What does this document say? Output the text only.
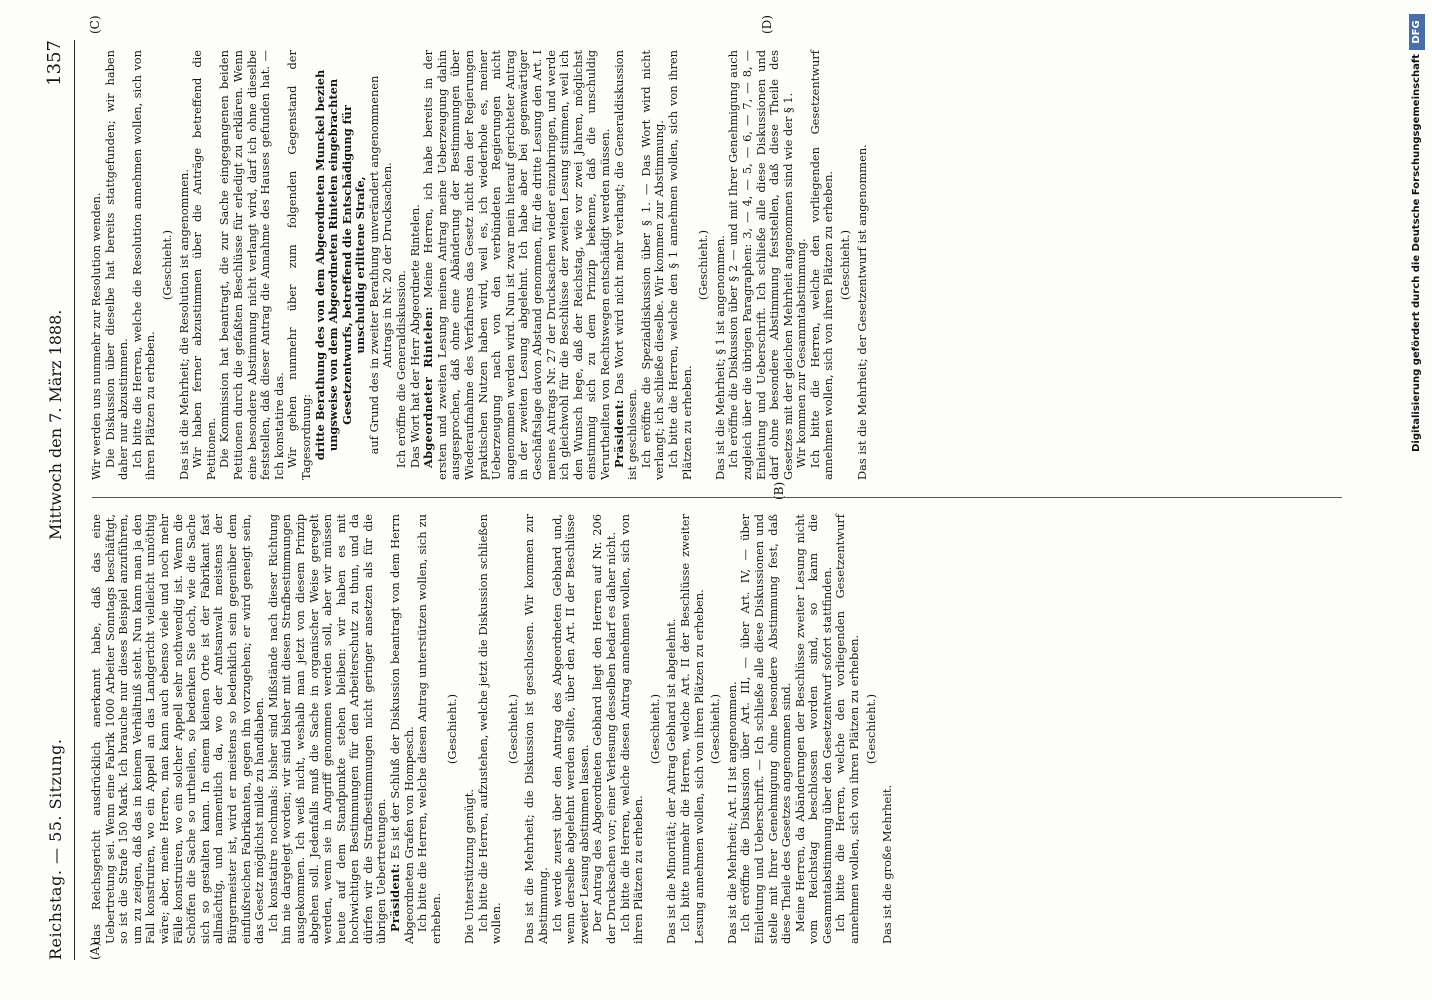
Reichstag. — 55. Sitzung.
Mittwoch den 7. März 1888.
1357
(A)
(B)
(C)	(D)

das Reichsgericht ausdrücklich anerkannt habe, daß das eine Uebertretung sei. Wenn eine Fabrik 1000 Arbeiter Sonntags beschäftigt, so ist die Strafe 150 Mark. Ich brauche nur dieses Beispiel anzuführen, um zu zeigen, daß das in keinem Verhältniß steht. Nun kann man ja den Fall konstruiren, wo ein Appell an das Landgericht vielleicht unnöthig wäre; aber, meine Herren, man kann auch ebenso viele und noch mehr Fälle konstruiren, wo ein solcher Appell sehr nothwendig ist. Wenn die Schöffen die Sache so urtheilen, so bedenken Sie doch, wie die Sache sich so gestalten kann. In einem kleinen Orte ist der Fabrikant fast allmächtig, und namentlich da, wo der Amtsanwalt meistens der Bürgermeister ist, wird er meistens so bedenklich sein gegenüber dem einflußreichen Fabrikanten, gegen ihn vorzugehen; er wird geneigt sein, das Gesetz möglichst milde zu handhaben. Ich konstatire nochmals: bisher sind Mißstände nach dieser Richtung hin nie dargelegt worden; wir sind bisher mit diesen Strafbestimmungen ausgekommen. Ich weiß nicht, weshalb man jetzt von diesem Prinzip abgehen soll. Jedenfalls muß die Sache in organischer Weise geregelt werden, wenn sie in Angriff genommen werden soll, aber wir müssen heute auf dem Standpunkte stehen bleiben: wir haben es mit hochwichtigen Bestimmungen für den Arbeiterschutz zu thun, und da dürfen wir die Strafbestimmungen nicht geringer ansetzen als für die übrigen Uebertretungen. Präsident: Es ist der Schluß der Diskussion beantragt von dem Herrn Abgeordneten Grafen von Hompesch. Ich bitte die Herren, welche diesen Antrag unterstützen wollen, sich zu erheben.

(Geschieht.)

Die Unterstützung genügt. Ich bitte die Herren, aufzustehen, welche jetzt die Diskussion schließen wollen.

(Geschieht.) Das ist die Mehrheit; die Diskussion ist geschlossen. Wir kommen zur Abstimmung. Ich werde zuerst über den Antrag des Abgeordneten Gebhard und, wenn derselbe abgelehnt werden sollte, über den Art. II der Beschlüsse zweiter Lesung abstimmen lassen. Der Antrag des Abgeordneten Gebhard liegt den Herren auf Nr. 206 der Drucksachen vor; einer Verlesung desselben bedarf es daher nicht. Ich bitte die Herren, welche diesen Antrag annehmen wollen, sich von ihren Plätzen zu erheben.

(Geschieht.) Das ist die Minorität; der Antrag Gebhard ist abgelehnt. Ich bitte nunmehr die Herren, welche Art. II der Beschlüsse zweiter Lesung annehmen wollen, sich von ihren Plätzen zu erheben. (Geschieht.) Das ist die Mehrheit; Art. II ist angenommen. Ich eröffne die Diskussion über Art. III, — über Art. IV, — über Einleitung und Ueberschrift. — Ich schließe alle diese Diskussionen und stelle mit Ihrer Genehmigung ohne besondere Abstimmung fest, daß diese Theile des Gesetzes angenommen sind. Meine Herren, da Abänderungen der Beschlüsse zweiter Lesung nicht vom Reichstag beschlossen worden sind, so kann die Gesammtabstimmung über den Gesetzentwurf sofort stattfinden. Ich bitte die Herren, welche den vorliegenden Gesetzentwurf annehmen wollen, sich von ihren Plätzen zu erheben. (Geschieht.)

Das ist die große Mehrheit.

Wir werden uns nunmehr zur Resolution wenden. Die Diskussion über dieselbe hat bereits stattgefunden; wir haben daher nur abzustimmen. Ich bitte die Herren, welche die Resolution annehmen wollen, sich von ihren Plätzen zu erheben.

(Geschieht.) Das ist die Mehrheit; die Resolution ist angenommen. Wir haben ferner abzustimmen über die Anträge betreffend die Petitionen. Die Kommission hat beantragt, die zur Sache eingegangenen beiden Petitionen durch die gefaßten Beschlüsse für erledigt zu erklären. Wenn eine besondere Abstimmung nicht verlangt wird, darf ich ohne dieselbe feststellen, daß dieser Antrag die Annahme des Hauses gefunden hat. — Ich konstatire das. Wir gehen nunmehr über zum folgenden Gegenstand der Tagesordnung: dritte Berathung des von dem Abgeordneten Munckel bezieh ungsweise von dem Abgeordneten Rintelen eingebrachten Gesetzentwurfs, betreffend die Entschädigung für unschuldig erlittene Strafe, auf Grund des in zweiter Berathung unverändert angenommenen Antrags in Nr. 20 der Drucksachen.

Ich eröffne die Generaldiskussion. Das Wort hat der Herr Abgeordnete Rintelen. Abgeordneter Rintelen: Meine Herren, ich habe bereits in der ersten und zweiten Lesung meinen Antrag meine Ueberzeugung dahin ausgesprochen, daß ohne eine Abänderung der Bestimmungen über Wiederaufnahme des Verfahrens das Gesetz nicht den der Regierungen praktischen Nutzen haben wird, weil es, ich wiederhole es, meiner Ueberzeugung nach von den verbündeten Regierungen nicht angenommen werden wird. Nun ist zwar mein hierauf gerichteter Antrag in der zweiten Lesung abgelehnt. Ich habe aber bei gegenwärtiger Geschäftslage davon Abstand genommen, für die dritte Lesung den Art. I meines Antrags Nr. 27 der Drucksachen wieder einzubringen, und werde ich gleichwohl für die Beschlüsse der zweiten Lesung stimmen, weil ich den Wunsch hege, daß der Reichstag, wie vor zwei Jahren, möglichst einstimmig sich zu dem Prinzip bekenne, daß die unschuldig Verurtheilten von Rechtswegen entschädigt werden müssen. Präsident: Das Wort wird nicht mehr verlangt; die Generaldiskussion ist geschlossen. Ich eröffne die Spezialdiskussion über § 1. — Das Wort wird nicht verlangt; ich schließe dieselbe. Wir kommen zur Abstimmung. Ich bitte die Herren, welche den § 1 annehmen wollen, sich von ihren Plätzen zu erheben.

(Geschieht.) Das ist die Mehrheit; § 1 ist angenommen. Ich eröffne die Diskussion über § 2 — und mit Ihrer Genehmigung auch zugleich über die übrigen Paragraphen: 3, — 4, — 5, — 6, — 7, — 8, — Einleitung und Ueberschrift. Ich schließe alle diese Diskussionen und darf ohne besondere Abstimmung feststellen, daß diese Theile des Gesetzes mit der gleichen Mehrheit angenommen sind wie der § 1. Wir kommen zur Gesammtabstimmung. Ich bitte die Herren, welche den vorliegenden Gesetzentwurf annehmen wollen, sich von ihren Plätzen zu erheben. (Geschieht.) Das ist die Mehrheit; der Gesetzentwurf ist angenommen.	Digitalisierung gefördert durch die Deutsche Forschungsgemeinschaft
DFG
